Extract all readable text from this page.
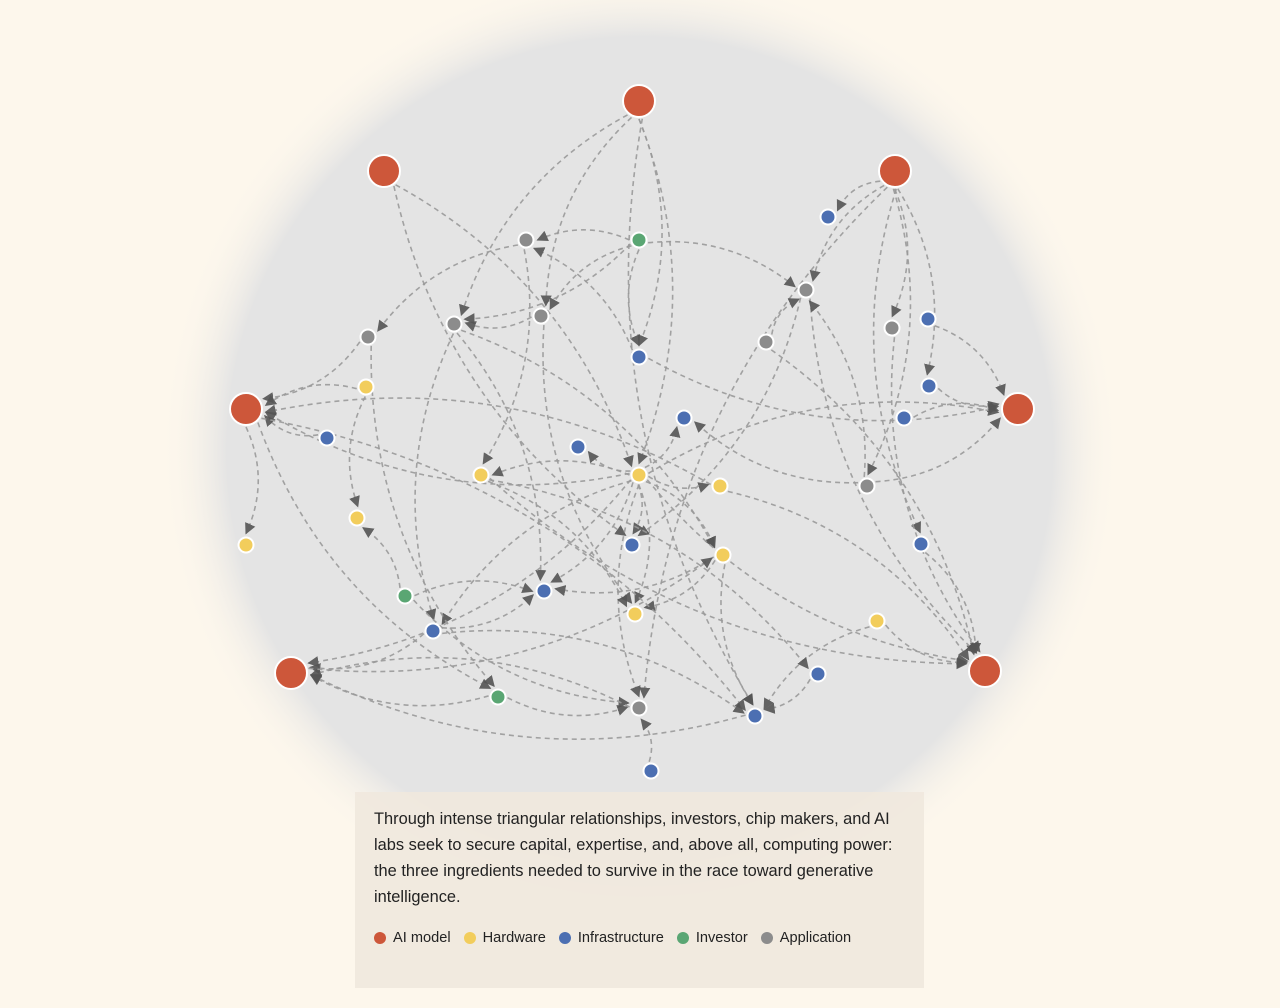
Through intense triangular relationships, investors, chip makers, and AI labs seek to secure capital, expertise, and, above all, computing power: the three ingredients needed to survive in the race toward generative intelligence.

AI model Hardware Infrastructure Investor Application
